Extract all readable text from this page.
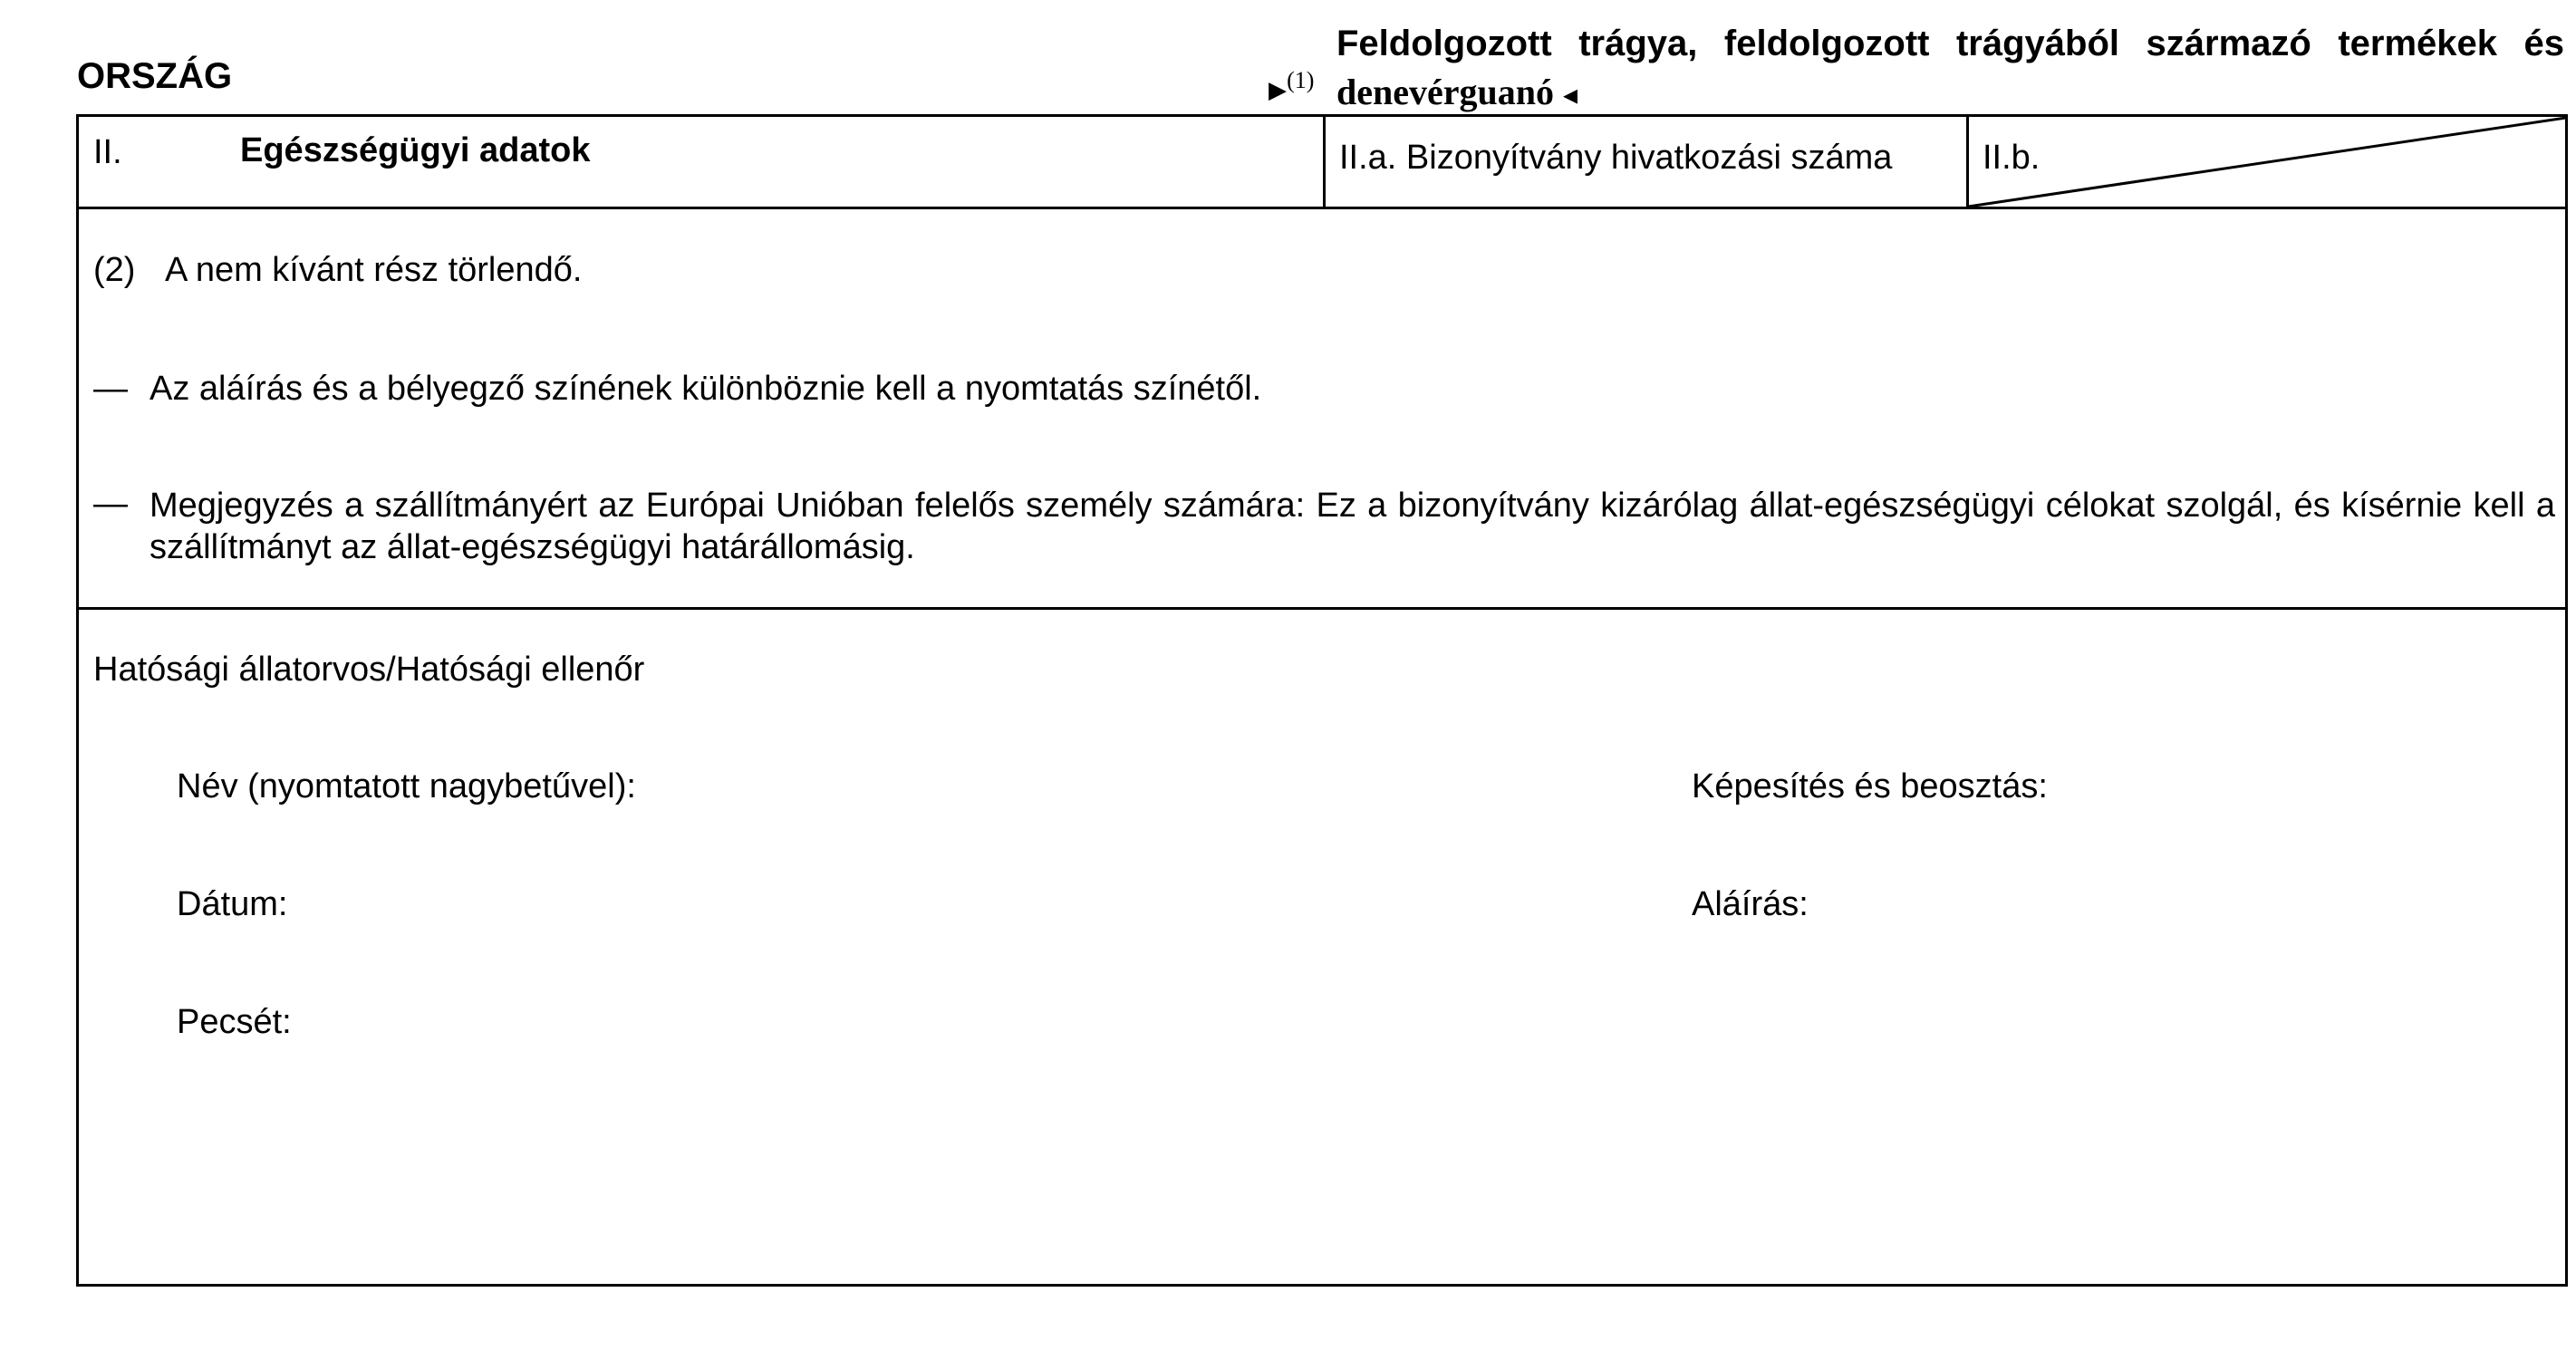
ORSZÁG	▸$^{(1)}$
Feldolgozott trágya, feldolgozott trágyából származó termékek és
denevérguanó ◂
II.	Egészségügyi adatok	II.a. Bizonyítvány hivatkozási száma	II.b.
(2) A nem kívánt rész törlendő.
— Az aláírás és a bélyegző színének különböznie kell a nyomtatás színétől.
— Megjegyzés a szállítmányért az Európai Unióban felelős személy számára: Ez a bizonyítvány kizárólag állat-egészségügyi célokat szolgál, és kísérnie kell a szállítmányt az állat-egészségügyi határállomásig.
Hatósági állatorvos/Hatósági ellenőr
Név (nyomtatott nagybetűvel):	Képesítés és beosztás:
Dátum:	Aláírás:
Pecsét:
